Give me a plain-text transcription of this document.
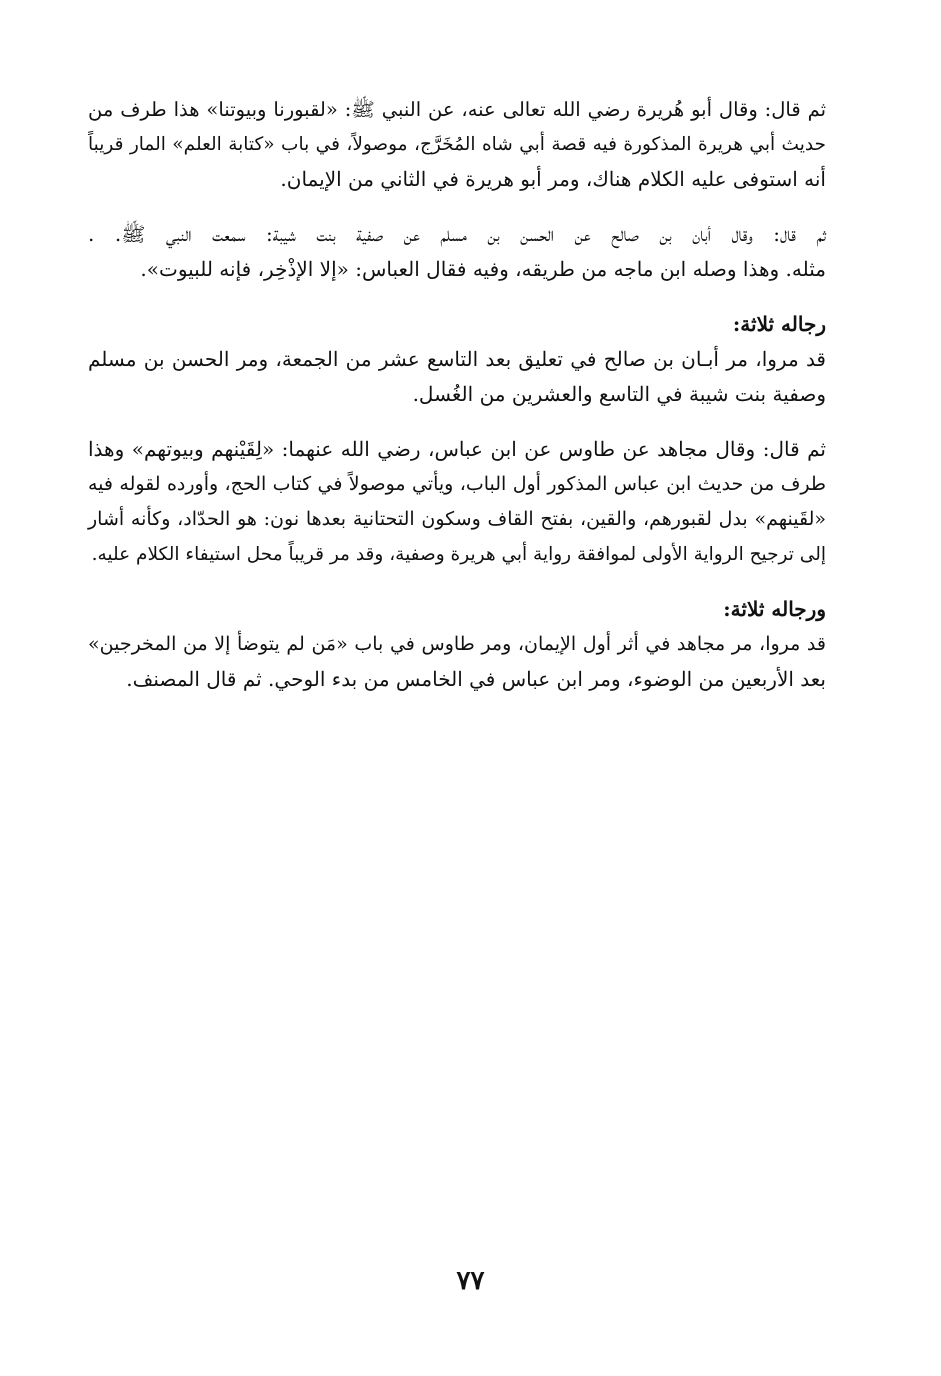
ثم قال: وقال أبو هُريرة رضي الله تعالى عنه، عن النبي ﷺ: «لقبورنا وبيوتنا» هذا طرف من
حديث أبي هريرة المذكورة فيه قصة أبي شاه المُخَرَّج، موصولاً، في باب «كتابة العلم» المار قريباً
أنه استوفى عليه الكلام هناك، ومر أبو هريرة في الثاني من الإيمان.

ثم قال: وقال أبان بن صالح عن الحسن بن مسلم عن صفية بنت شيبة: سمعت النبي ﷺ. .
مثله. وهذا وصله ابن ماجه من طريقه، وفيه فقال العباس: «إلا الإذْخِر، فإنه للبيوت».

رجاله ثلاثة:

قد مروا، مر أبـان بن صالح في تعليق بعد التاسع عشر من الجمعة، ومر الحسن بن مسلم
وصفية بنت شيبة في التاسع والعشرين من الغُسل.

ثم قال: وقال مجاهد عن طاوس عن ابن عباس، رضي الله عنهما: «لِقَيْنهم وبيوتهم» وهذا
طرف من حديث ابن عباس المذكور أول الباب، ويأتي موصولاً في كتاب الحج، وأورده لقوله فيه
«لقَينهم» بدل لقبورهم، والقين، بفتح القاف وسكون التحتانية بعدها نون: هو الحدّاد، وكأنه أشار
إلى ترجيح الرواية الأولى لموافقة رواية أبي هريرة وصفية، وقد مر قريباً محل استيفاء الكلام عليه.

ورجاله ثلاثة:

قد مروا، مر مجاهد في أثر أول الإيمان، ومر طاوس في باب «مَن لم يتوضأ إلا من المخرجين»
بعد الأربعين من الوضوء، ومر ابن عباس في الخامس من بدء الوحي. ثم قال المصنف.

٧٧
